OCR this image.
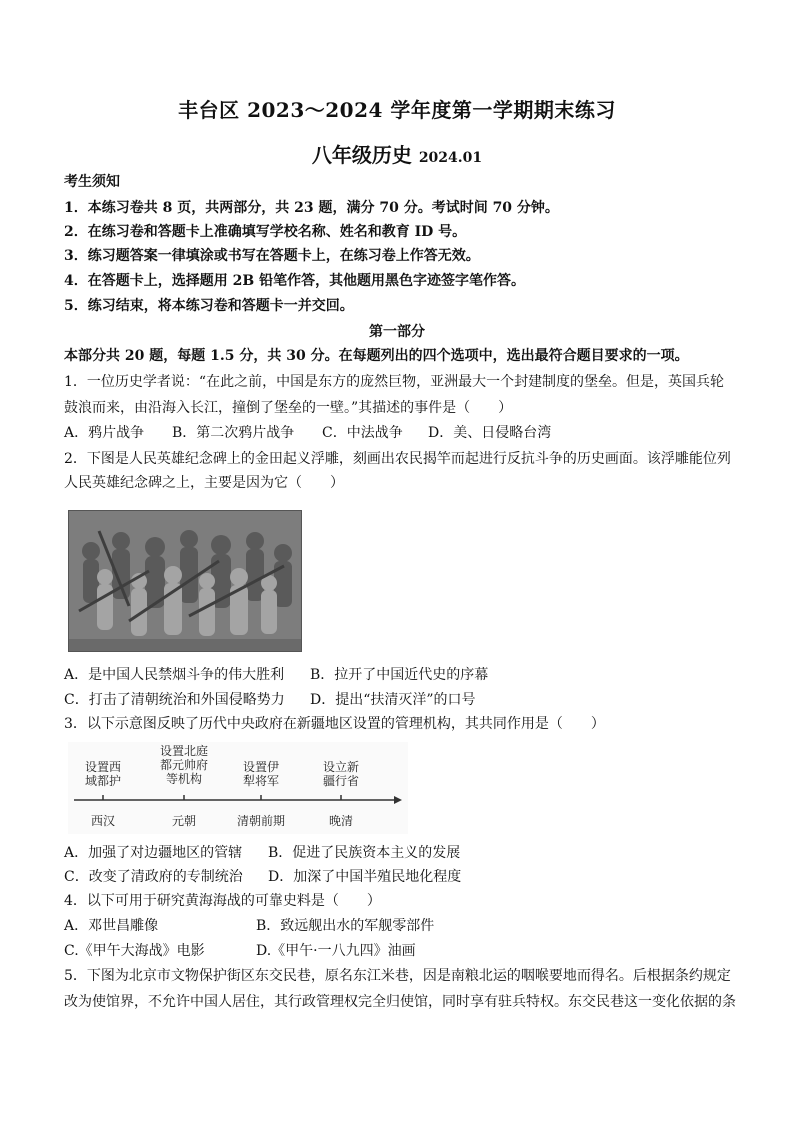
丰台区 2023～2024 学年度第一学期期末练习
八年级历史 2024.01
考生须知
1．本练习卷共 8 页，共两部分，共 23 题，满分 70 分。考试时间 70 分钟。
2．在练习卷和答题卡上准确填写学校名称、姓名和教育 ID 号。
3．练习题答案一律填涂或书写在答题卡上，在练习卷上作答无效。
4．在答题卡上，选择题用 2B 铅笔作答，其他题用黑色字迹签字笔作答。
5．练习结束，将本练习卷和答题卡一并交回。
第一部分
本部分共 20 题，每题 1.5 分，共 30 分。在每题列出的四个选项中，选出最符合题目要求的一项。
1．一位历史学者说：“在此之前，中国是东方的庞然巨物，亚洲最大一个封建制度的堡垒。但是，英国兵轮
鼓浪而来，由沿海入长江，撞倒了堡垒的一壁。”其描述的事件是（　　）
A．鸦片战争 B．第二次鸦片战争 C．中法战争 D．美、日侵略台湾
2．下图是人民英雄纪念碑上的金田起义浮雕，刻画出农民揭竿而起进行反抗斗争的历史画面。该浮雕能位列
人民英雄纪念碑之上，主要是因为它（　　）
A．是中国人民禁烟斗争的伟大胜利 B．拉开了中国近代史的序幕
C．打击了清朝统治和外国侵略势力 D．提出“扶清灭洋”的口号
3．以下示意图反映了历代中央政府在新疆地区设置的管理机构，其共同作用是（　　）
设置西
域都护
设置北庭
都元帅府
等机构
设置伊
犁将军
设立新
疆行省
西汉	元朝	清朝前期	晚清
A．加强了对边疆地区的管辖 B．促进了民族资本主义的发展
C．改变了清政府的专制统治 D．加深了中国半殖民地化程度
4．以下可用于研究黄海海战的可靠史料是（　　）
A．邓世昌雕像	B．致远舰出水的军舰零部件
C.《甲午大海战》电影	D.《甲午·一八九四》油画
5．下图为北京市文物保护街区东交民巷，原名东江米巷，因是南粮北运的咽喉要地而得名。后根据条约规定
改为使馆界，不允许中国人居住，其行政管理权完全归使馆，同时享有驻兵特权。东交民巷这一变化依据的条
